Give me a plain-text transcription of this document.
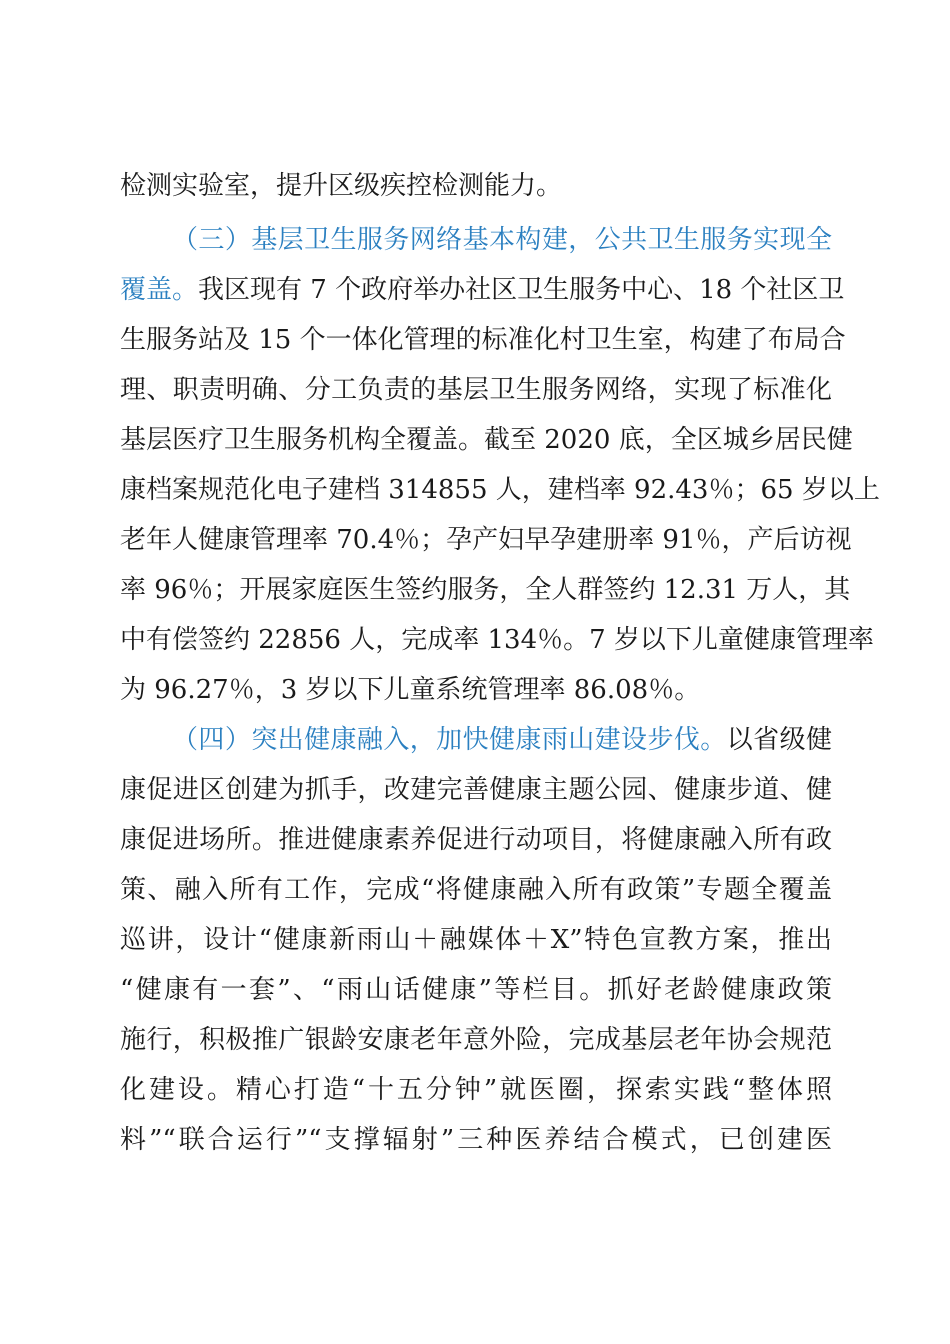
检测实验室，提升区级疾控检测能力。
（三）基层卫生服务网络基本构建，公共卫生服务实现全
覆盖。我区现有 7 个政府举办社区卫生服务中心、18 个社区卫
生服务站及 15 个一体化管理的标准化村卫生室，构建了布局合
理、职责明确、分工负责的基层卫生服务网络，实现了标准化
基层医疗卫生服务机构全覆盖。截至 2020 底，全区城乡居民健
康档案规范化电子建档 314855 人，建档率 92.43％；65 岁以上
老年人健康管理率 70.4％；孕产妇早孕建册率 91％，产后访视
率 96％；开展家庭医生签约服务，全人群签约 12.31 万人，其
中有偿签约 22856 人，完成率 134％。7 岁以下儿童健康管理率
为 96.27％，3 岁以下儿童系统管理率 86.08％。
（四）突出健康融入，加快健康雨山建设步伐。以省级健
康促进区创建为抓手，改建完善健康主题公园、健康步道、健
康促进场所。推进健康素养促进行动项目，将健康融入所有政
策、融入所有工作，完成“将健康融入所有政策”专题全覆盖
巡讲，设计“健康新雨山＋融媒体＋X”特色宣教方案，推出
“健康有一套”、“雨山话健康”等栏目。抓好老龄健康政策
施行，积极推广银龄安康老年意外险，完成基层老年协会规范
化建设。精心打造“十五分钟”就医圈，探索实践“整体照
料”“联合运行”“支撑辐射”三种医养结合模式，已创建医
